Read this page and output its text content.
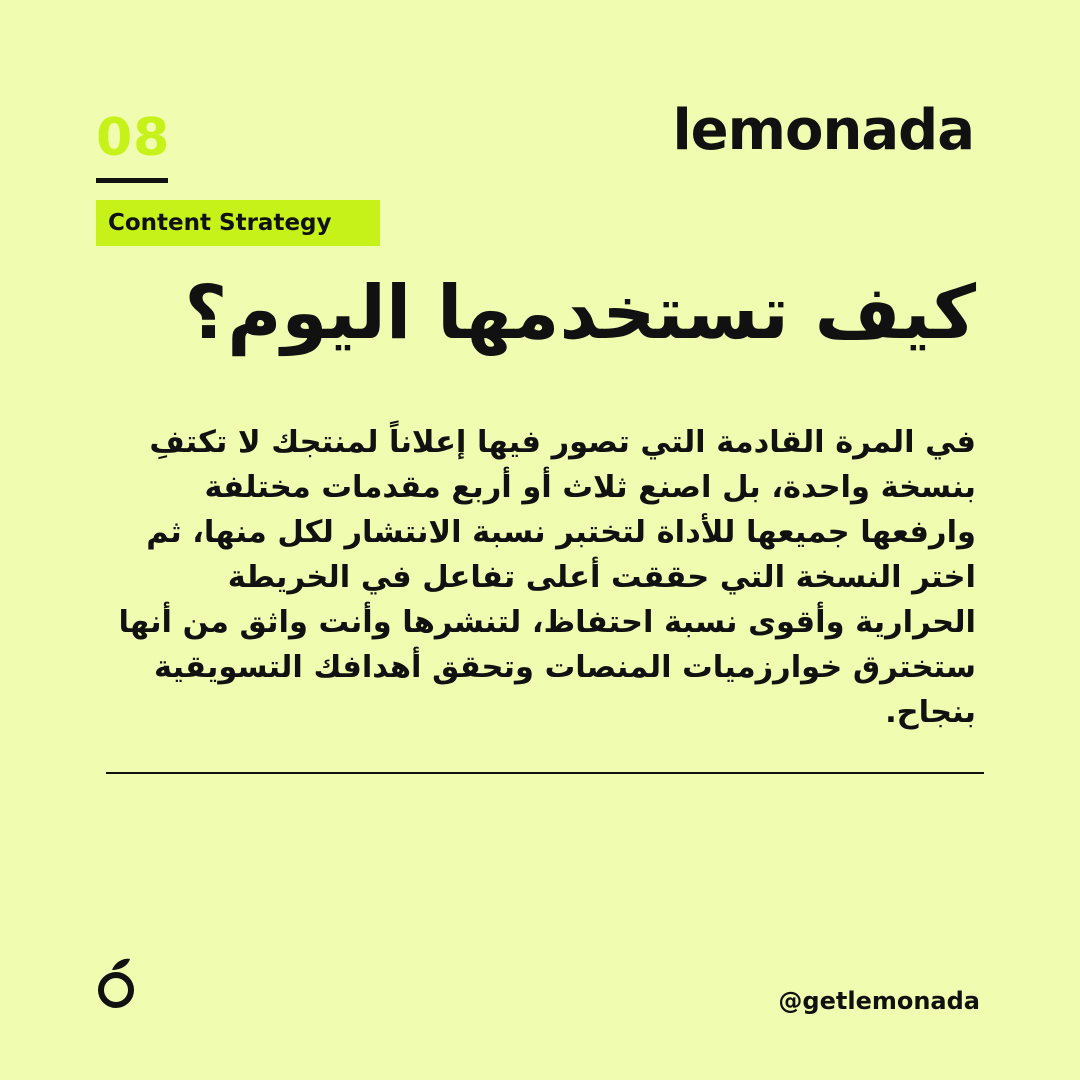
08
Content Strategy
lemonada
كيف تستخدمها اليوم؟
في المرة القادمة التي تصور فيها إعلاناً لمنتجك لا تكتفِ بنسخة واحدة، بل اصنع ثلاث أو أربع مقدمات مختلفة وارفعها جميعها للأداة لتختبر نسبة الانتشار لكل منها، ثم اختر النسخة التي حققت أعلى تفاعل في الخريطة الحرارية وأقوى نسبة احتفاظ، لتنشرها وأنت واثق من أنها ستخترق خوارزميات المنصات وتحقق أهدافك التسويقية بنجاح.
@getlemonada
